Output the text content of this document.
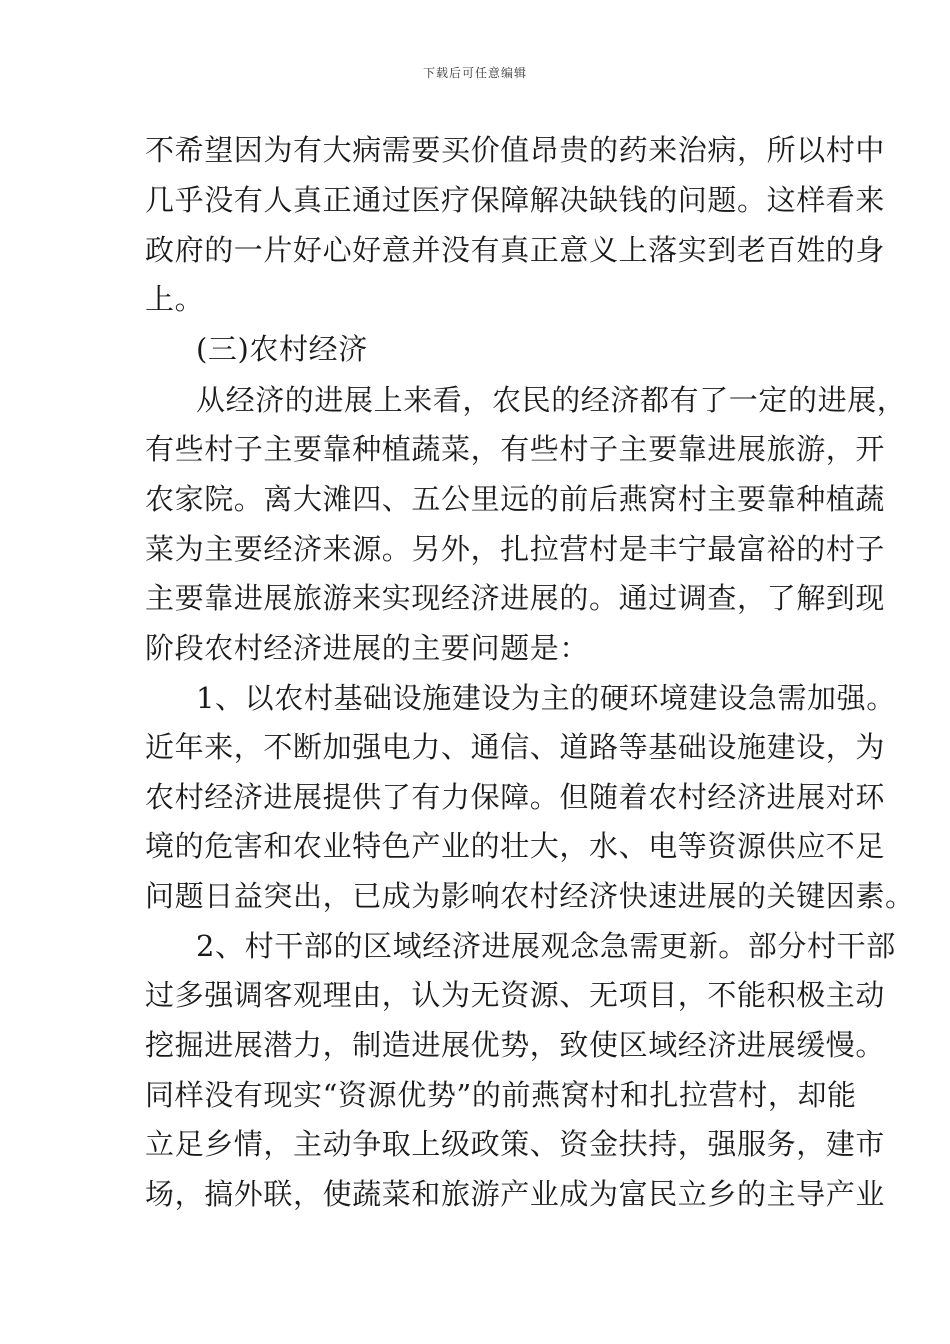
下载后可任意编辑
不希望因为有大病需要买价值昂贵的药来治病，所以村中
几乎没有人真正通过医疗保障解决缺钱的问题。这样看来
政府的一片好心好意并没有真正意义上落实到老百姓的身
上。
(三)农村经济
从经济的进展上来看，农民的经济都有了一定的进展，
有些村子主要靠种植蔬菜，有些村子主要靠进展旅游，开
农家院。离大滩四、五公里远的前后燕窝村主要靠种植蔬
菜为主要经济来源。另外，扎拉营村是丰宁最富裕的村子
主要靠进展旅游来实现经济进展的。通过调查，了解到现
阶段农村经济进展的主要问题是：
1、以农村基础设施建设为主的硬环境建设急需加强。
近年来，不断加强电力、通信、道路等基础设施建设，为
农村经济进展提供了有力保障。但随着农村经济进展对环
境的危害和农业特色产业的壮大，水、电等资源供应不足
问题日益突出，已成为影响农村经济快速进展的关键因素。
2、村干部的区域经济进展观念急需更新。部分村干部
过多强调客观理由，认为无资源、无项目，不能积极主动
挖掘进展潜力，制造进展优势，致使区域经济进展缓慢。
同样没有现实“资源优势”的前燕窝村和扎拉营村，却能
立足乡情，主动争取上级政策、资金扶持，强服务，建市
场，搞外联，使蔬菜和旅游产业成为富民立乡的主导产业
